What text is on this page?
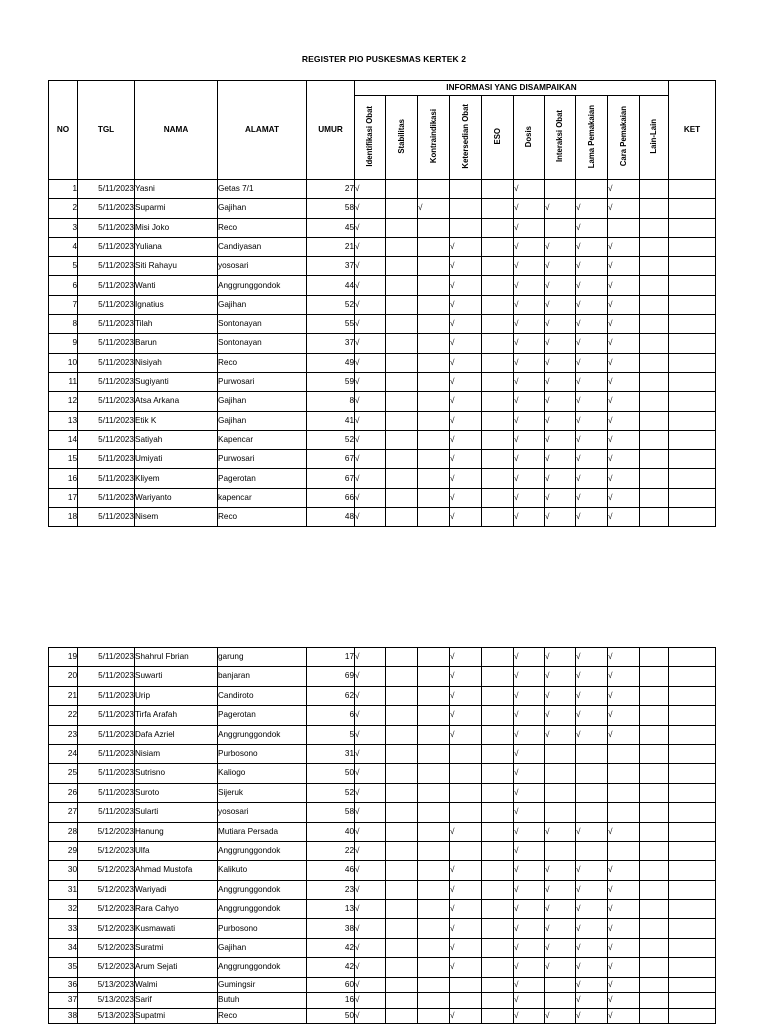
REGISTER PIO PUSKESMAS KERTEK 2
NO	TGL	NAMA	ALAMAT	UMUR	INFORMASI YANG DISAMPAIKAN										KET
					Identifikasi Obat	Stabilitas	Kontraindikasi	Ketersedian Obat	ESO	Dosis	Interaksi Obat	Lama Pemakaian	Cara Pemakaian	Lain-Lain	
1	5/11/2023	Yasni	Getas 7/1	27	√					√			√		
2	5/11/2023	Suparmi	Gajihan	58	√		√			√	√	√	√		
3	5/11/2023	Misi Joko	Reco	45	√					√		√			
4	5/11/2023	Yuliana	Candiyasan	21	√			√		√	√	√	√		
5	5/11/2023	Siti Rahayu	yososari	37	√			√		√	√	√	√		
6	5/11/2023	Wanti	Anggrunggondok	44	√			√		√	√	√	√		
7	5/11/2023	Ignatius	Gajihan	52	√			√		√	√	√	√		
8	5/11/2023	Tilah	Sontonayan	55	√			√		√	√	√	√		
9	5/11/2023	Barun	Sontonayan	37	√			√		√	√	√	√		
10	5/11/2023	Nisiyah	Reco	49	√			√		√	√	√	√		
11	5/11/2023	Sugiyanti	Purwosari	59	√			√		√	√	√	√		
12	5/11/2023	Atsa Arkana	Gajihan	8	√			√		√	√	√	√		
13	5/11/2023	Etik K	Gajihan	41	√			√		√	√	√	√		
14	5/11/2023	Satiyah	Kapencar	52	√			√		√	√	√	√		
15	5/11/2023	Umiyati	Purwosari	67	√			√		√	√	√	√		
16	5/11/2023	Kliyem	Pagerotan	67	√			√		√	√	√	√		
17	5/11/2023	Wariyanto	kapencar	66	√			√		√	√	√	√		
18	5/11/2023	Nisem	Reco	48	√			√		√	√	√	√		
19	5/11/2023	Shahrul Fbrian	garung	17	√			√		√	√	√	√		
20	5/11/2023	Suwarti	banjaran	69	√			√		√	√	√	√		
21	5/11/2023	Urip	Candiroto	62	√			√		√	√	√	√		
22	5/11/2023	Tirfa Arafah	Pagerotan	6	√			√		√	√	√	√		
23	5/11/2023	Dafa Azriel	Anggrunggondok	5	√			√		√	√	√	√		
24	5/11/2023	Nisiam	Purbosono	31	√					√					
25	5/11/2023	Sutrisno	Kaliogo	50	√					√					
26	5/11/2023	Suroto	Sijeruk	52	√					√					
27	5/11/2023	Sularti	yososari	58	√					√					
28	5/12/2023	Hanung	Mutiara Persada	40	√			√		√	√	√	√		
29	5/12/2023	Ulfa	Anggrunggondok	22	√					√					
30	5/12/2023	Ahmad Mustofa	Kalikuto	46	√			√		√	√	√	√		
31	5/12/2023	Wariyadi	Anggrunggondok	23	√			√		√	√	√	√		
32	5/12/2023	Rara Cahyo	Anggrunggondok	13	√			√		√	√	√	√		
33	5/12/2023	Kusmawati	Purbosono	38	√			√		√	√	√	√		
34	5/12/2023	Suratmi	Gajihan	42	√			√		√	√	√	√		
35	5/12/2023	Arum Sejati	Anggrunggondok	42	√			√		√	√	√	√		
36	5/13/2023	Walmi	Gumingsir	60	√					√		√	√		
37	5/13/2023	Sarif	Butuh	16	√					√		√	√		
38	5/13/2023	Supatmi	Reco	50	√			√		√	√	√	√		
